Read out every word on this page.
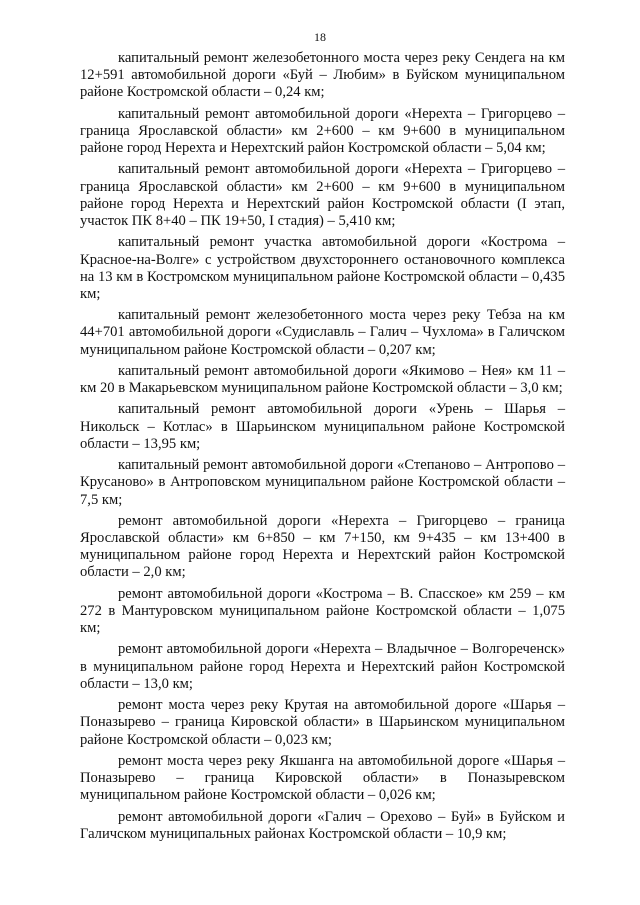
18

капитальный ремонт железобетонного моста через реку Сендега на км 12+591 автомобильной дороги «Буй – Любим» в Буйском муниципальном районе Костромской области – 0,24 км;

капитальный ремонт автомобильной дороги «Нерехта – Григорцево – граница Ярославской области» км 2+600 – км 9+600 в муниципальном районе город Нерехта и Нерехтский район Костромской области – 5,04 км;

капитальный ремонт автомобильной дороги «Нерехта – Григорцево – граница Ярославской области» км 2+600 – км 9+600 в муниципальном районе город Нерехта и Нерехтский район Костромской области (I этап, участок ПК 8+40 – ПК 19+50, I стадия) – 5,410 км;

капитальный ремонт участка автомобильной дороги «Кострома – Красное-на-Волге» с устройством двухстороннего остановочного комплекса на 13 км в Костромском муниципальном районе Костромской области – 0,435 км;

капитальный ремонт железобетонного моста через реку Тебза на км 44+701 автомобильной дороги «Судиславль – Галич – Чухлома» в Галичском муниципальном районе Костромской области – 0,207 км;

капитальный ремонт автомобильной дороги «Якимово – Нея» км 11 – км 20 в Макарьевском муниципальном районе Костромской области – 3,0 км;

капитальный ремонт автомобильной дороги «Урень – Шарья – Никольск – Котлас» в Шарьинском муниципальном районе Костромской области – 13,95 км;

капитальный ремонт автомобильной дороги «Степаново – Антропово – Крусаново» в Антроповском муниципальном районе Костромской области – 7,5 км;

ремонт автомобильной дороги «Нерехта – Григорцево – граница Ярославской области» км 6+850 – км 7+150, км 9+435 – км 13+400 в муниципальном районе город Нерехта и Нерехтский район Костромской области – 2,0 км;

ремонт автомобильной дороги «Кострома – В. Спасское» км 259 – км 272 в Мантуровском муниципальном районе Костромской области – 1,075 км;

ремонт автомобильной дороги «Нерехта – Владычное – Волгореченск» в муниципальном районе город Нерехта и Нерехтский район Костромской области – 13,0 км;

ремонт моста через реку Крутая на автомобильной дороге «Шарья – Поназырево – граница Кировской области» в Шарьинском муниципальном районе Костромской области – 0,023 км;

ремонт моста через реку Якшанга на автомобильной дороге «Шарья – Поназырево – граница Кировской области» в Поназыревском муниципальном районе Костромской области – 0,026 км;

ремонт автомобильной дороги «Галич – Орехово – Буй» в Буйском и Галичском муниципальных районах Костромской области – 10,9 км;
